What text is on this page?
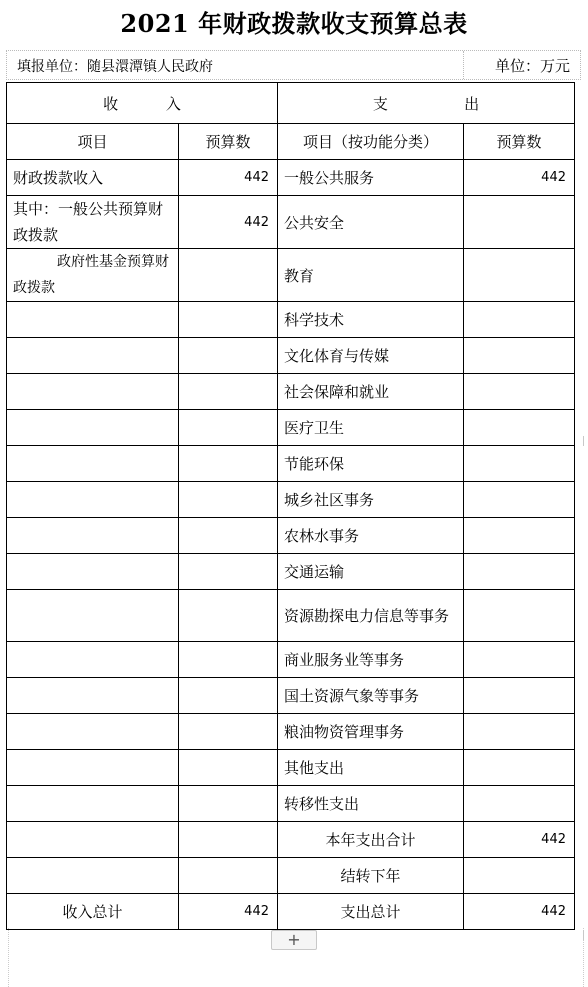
2021 年财政拨款收支预算总表
填报单位：随县澴潭镇人民政府	单位：万元
收          入		支                出	
项目	预算数	项目（按功能分类）	预算数
财政拨款收入	442	一般公共服务	442
其中：一般公共预算财政拨款	442	公共安全	
政府性基金预算财政拨款		教育	
		科学技术	
		文化体育与传媒	
		社会保障和就业	
		医疗卫生	
		节能环保	
		城乡社区事务	
		农林水事务	
		交通运输	
		资源勘探电力信息等事务	
		商业服务业等事务	
		国土资源气象等事务	
		粮油物资管理事务	
		其他支出	
		转移性支出	
		本年支出合计	442
		结转下年	
收入总计	442	支出总计	442
+
